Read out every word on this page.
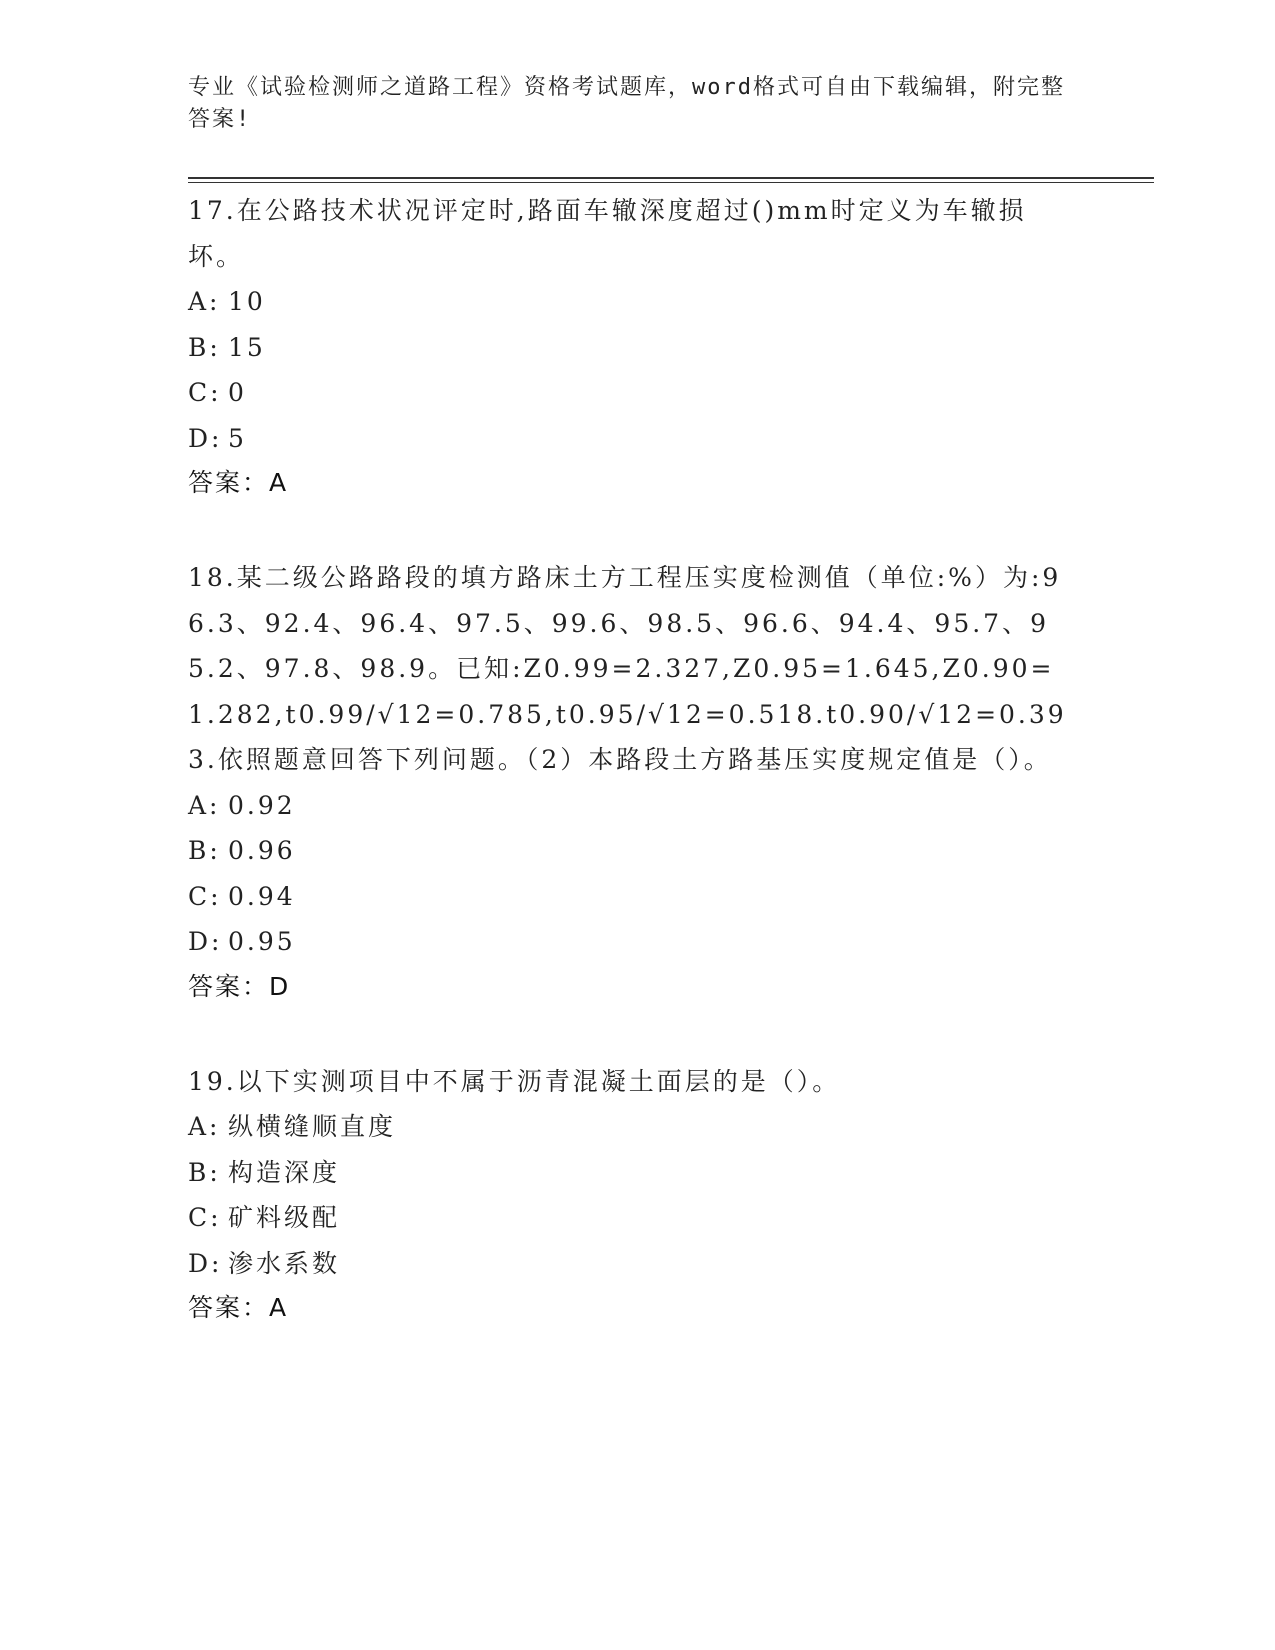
专业《试验检测师之道路工程》资格考试题库，word格式可自由下载编辑，附完整答案!

17.在公路技术状况评定时,路面车辙深度超过()mm时定义为车辙损坏。

A: 10

B: 15

C: 0

D: 5

答案：A

18.某二级公路路段的填方路床土方工程压实度检测值（单位:%）为:96.3、92.4、96.4、97.5、99.6、98.5、96.6、94.4、95.7、95.2、97.8、98.9。已知:Z0.99=2.327,Z0.95=1.645,Z0.90=1.282,t0.99/√12=0.785,t0.95/√12=0.518.t0.90/√12=0.393.依照题意回答下列问题。（2）本路段土方路基压实度规定值是（）。

A: 0.92

B: 0.96

C: 0.94

D: 0.95

答案：D

19.以下实测项目中不属于沥青混凝土面层的是（）。

A: 纵横缝顺直度

B: 构造深度

C: 矿料级配

D: 渗水系数

答案：A
